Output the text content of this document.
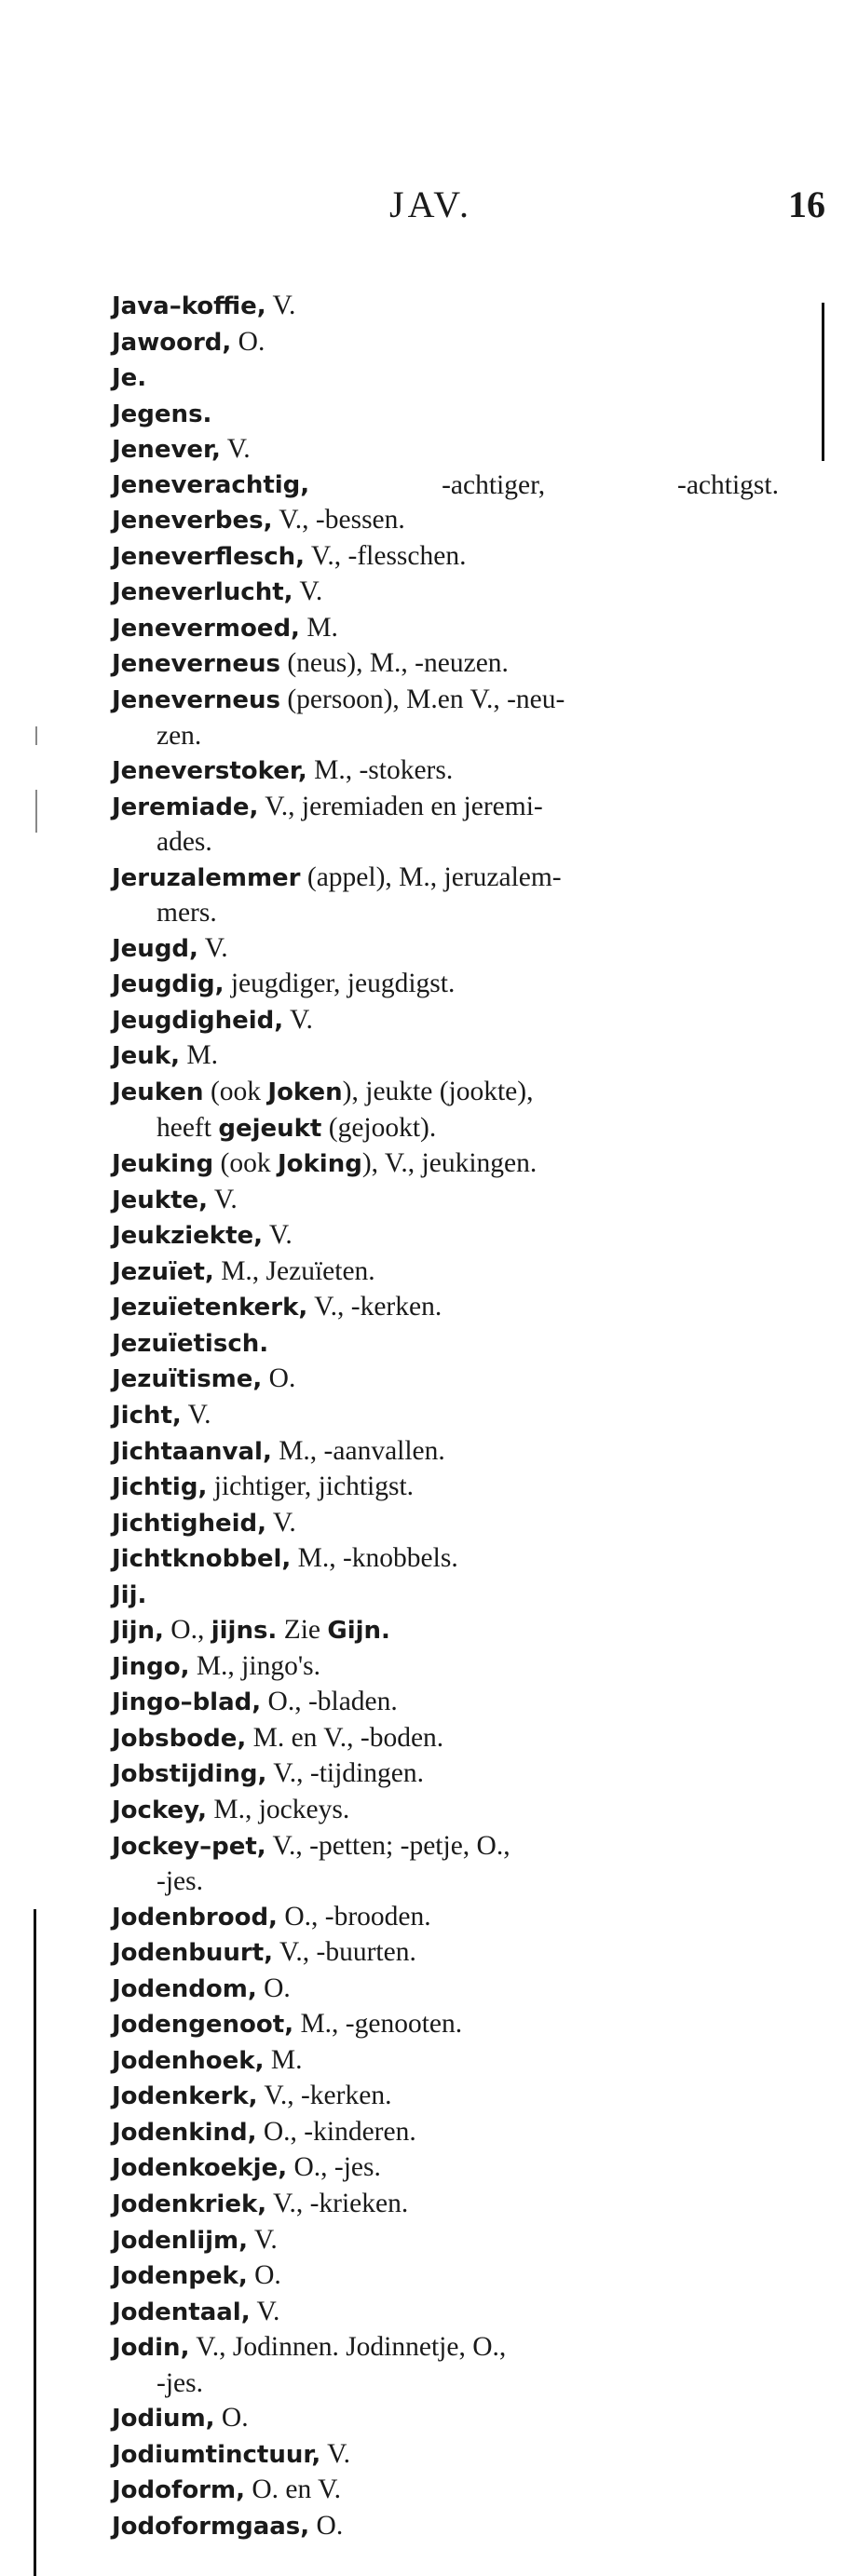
JAV.	16
Java–koffie, V.
Jawoord, O.
Je.
Jegens.
Jenever, V.
Jeneverachtig,	-achtiger,	-achtigst.
Jeneverbes, V., -bessen.
Jeneverflesch, V., -flesschen.
Jeneverlucht, V.
Jenevermoed, M.
Jeneverneus (neus), M., -neuzen.
Jeneverneus (persoon), M.en V., -neu-
zen.
Jeneverstoker, M., -stokers.
Jeremiade, V., jeremiaden en jeremi-
ades.
Jeruzalemmer (appel), M., jeruzalem-
mers.
Jeugd, V.
Jeugdig, jeugdiger, jeugdigst.
Jeugdigheid, V.
Jeuk, M.
Jeuken (ook Joken), jeukte (jookte),
heeft gejeukt (gejookt).
Jeuking (ook Joking), V., jeukingen.
Jeukte, V.
Jeukziekte, V.
Jezuïet, M., Jezuïeten.
Jezuïetenkerk, V., -kerken.
Jezuïetisch.
Jezuïtisme, O.
Jicht, V.
Jichtaanval, M., -aanvallen.
Jichtig, jichtiger, jichtigst.
Jichtigheid, V.
Jichtknobbel, M., -knobbels.
Jij.
Jijn, O., jijns. Zie Gijn.
Jingo, M., jingo's.
Jingo–blad, O., -bladen.
Jobsbode, M. en V., -boden.
Jobstijding, V., -tijdingen.
Jockey, M., jockeys.
Jockey–pet, V., -petten; -petje, O.,
-jes.
Jodenbrood, O., -brooden.
Jodenbuurt, V., -buurten.
Jodendom, O.
Jodengenoot, M., -genooten.
Jodenhoek, M.
Jodenkerk, V., -kerken.
Jodenkind, O., -kinderen.
Jodenkoekje, O., -jes.
Jodenkriek, V., -krieken.
Jodenlijm, V.
Jodenpek, O.
Jodentaal, V.
Jodin, V., Jodinnen. Jodinnetje, O.,
-jes.
Jodium, O.
Jodiumtinctuur, V.
Jodoform, O. en V.
Jodoformgaas, O.
